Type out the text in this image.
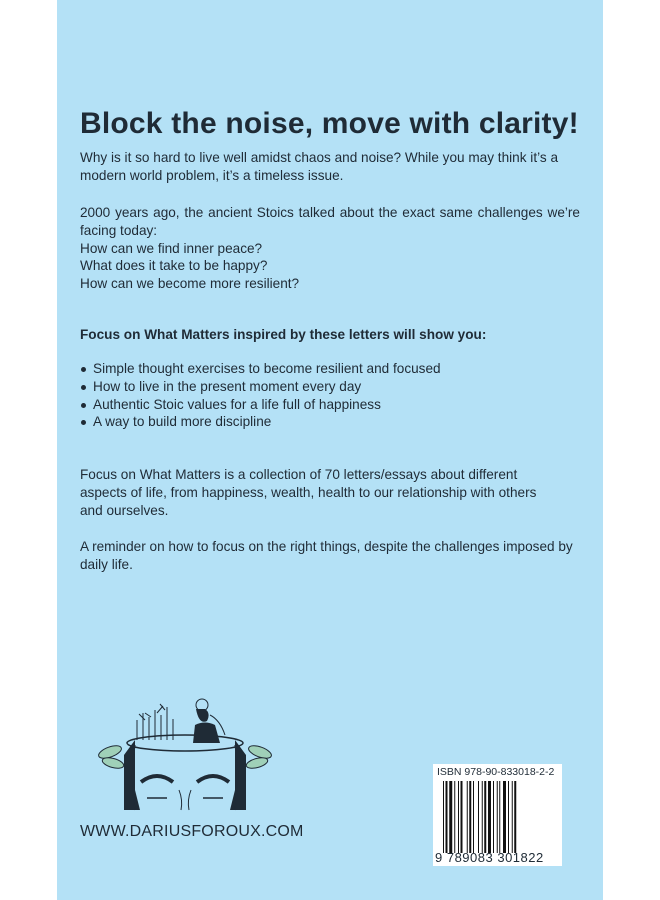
Block the noise, move with clarity!

Why is it so hard to live well amidst chaos and noise? While you may think it’s a modern world problem, it’s a timeless issue.

2000 years ago, the ancient Stoics talked about the exact same challenges we’re facing today:

How can we find inner peace?

What does it take to be happy?

How can we become more resilient?

Focus on What Matters inspired by these letters will show you:
Simple thought exercises to become resilient and focused
How to live in the present moment every day
Authentic Stoic values for a life full of happiness
A way to build more discipline
Focus on What Matters is a collection of 70 letters/essays about different aspects of life, from happiness, wealth, health to our relationship with others and ourselves.
A reminder on how to focus on the right things, despite the challenges imposed by daily life.
WWW.DARIUSFOROUX.COM
ISBN 978-90-833018-2-2
9 789083 301822
